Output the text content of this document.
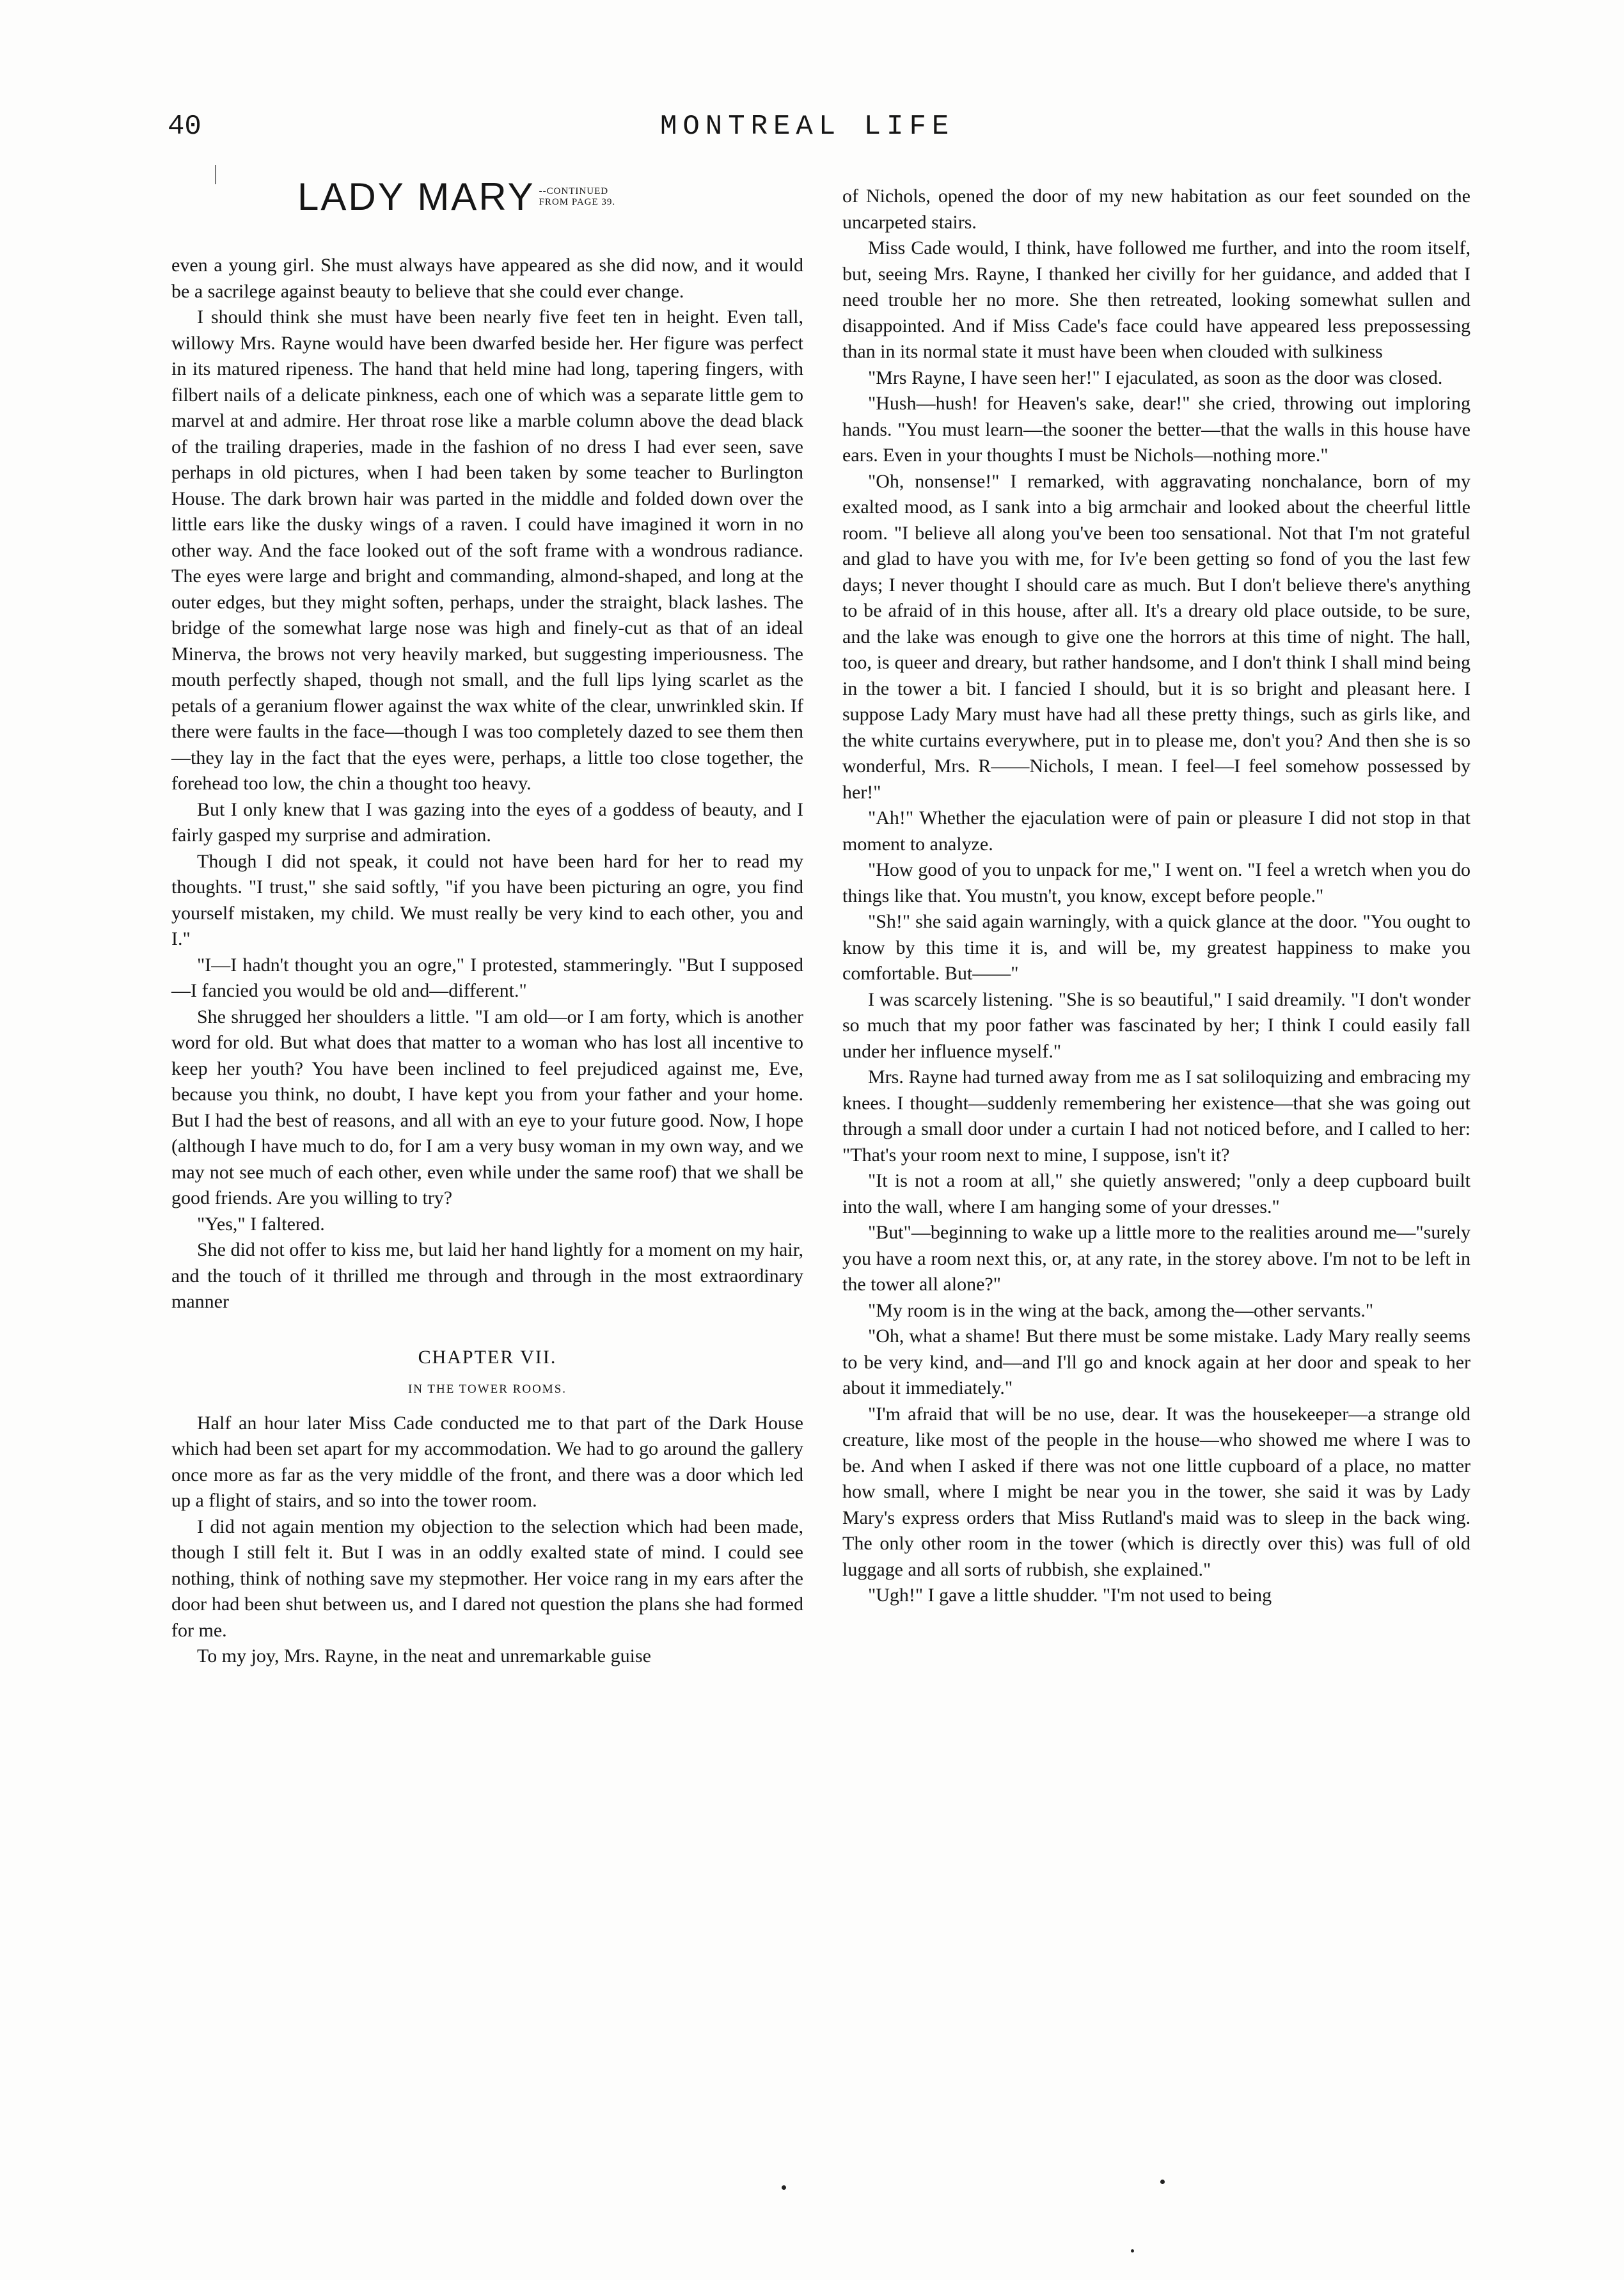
40	MONTREAL LIFE
LADY MARY --CONTINUED
FROM PAGE 39.

even a young girl. She must always have appeared as she did now, and it would be a sacrilege against beauty to believe that she could ever change.

I should think she must have been nearly five feet ten in height. Even tall, willowy Mrs. Rayne would have been dwarfed beside her. Her figure was perfect in its matured ripeness. The hand that held mine had long, tapering fingers, with filbert nails of a delicate pinkness, each one of which was a separate little gem to marvel at and admire. Her throat rose like a marble column above the dead black of the trailing draperies, made in the fashion of no dress I had ever seen, save perhaps in old pictures, when I had been taken by some teacher to Burlington House. The dark brown hair was parted in the middle and folded down over the little ears like the dusky wings of a raven. I could have imagined it worn in no other way. And the face looked out of the soft frame with a wondrous radiance. The eyes were large and bright and commanding, almond-shaped, and long at the outer edges, but they might soften, perhaps, under the straight, black lashes. The bridge of the somewhat large nose was high and finely-cut as that of an ideal Minerva, the brows not very heavily marked, but suggesting imperiousness. The mouth perfectly shaped, though not small, and the full lips lying scarlet as the petals of a geranium flower against the wax white of the clear, unwrinkled skin. If there were faults in the face—though I was too completely dazed to see them then—they lay in the fact that the eyes were, perhaps, a little too close together, the forehead too low, the chin a thought too heavy.

But I only knew that I was gazing into the eyes of a goddess of beauty, and I fairly gasped my surprise and admiration.

Though I did not speak, it could not have been hard for her to read my thoughts. "I trust," she said softly, "if you have been picturing an ogre, you find yourself mistaken, my child. We must really be very kind to each other, you and I."

"I—I hadn't thought you an ogre," I protested, stammeringly. "But I supposed—I fancied you would be old and—different."

She shrugged her shoulders a little. "I am old—or I am forty, which is another word for old. But what does that matter to a woman who has lost all incentive to keep her youth? You have been inclined to feel prejudiced against me, Eve, because you think, no doubt, I have kept you from your father and your home. But I had the best of reasons, and all with an eye to your future good. Now, I hope (although I have much to do, for I am a very busy woman in my own way, and we may not see much of each other, even while under the same roof) that we shall be good friends. Are you willing to try?

"Yes," I faltered.

She did not offer to kiss me, but laid her hand lightly for a moment on my hair, and the touch of it thrilled me through and through in the most extraordinary manner

CHAPTER VII.
IN THE TOWER ROOMS.

Half an hour later Miss Cade conducted me to that part of the Dark House which had been set apart for my accommodation. We had to go around the gallery once more as far as the very middle of the front, and there was a door which led up a flight of stairs, and so into the tower room.

I did not again mention my objection to the selection which had been made, though I still felt it. But I was in an oddly exalted state of mind. I could see nothing, think of nothing save my stepmother. Her voice rang in my ears after the door had been shut between us, and I dared not question the plans she had formed for me.

To my joy, Mrs. Rayne, in the neat and unremarkable guise

of Nichols, opened the door of my new habitation as our feet sounded on the uncarpeted stairs.

Miss Cade would, I think, have followed me further, and into the room itself, but, seeing Mrs. Rayne, I thanked her civilly for her guidance, and added that I need trouble her no more. She then retreated, looking somewhat sullen and disappointed. And if Miss Cade's face could have appeared less prepossessing than in its normal state it must have been when clouded with sulkiness

"Mrs Rayne, I have seen her!" I ejaculated, as soon as the door was closed.

"Hush—hush! for Heaven's sake, dear!" she cried, throwing out imploring hands. "You must learn—the sooner the better—that the walls in this house have ears. Even in your thoughts I must be Nichols—nothing more."

"Oh, nonsense!" I remarked, with aggravating nonchalance, born of my exalted mood, as I sank into a big armchair and looked about the cheerful little room. "I believe all along you've been too sensational. Not that I'm not grateful and glad to have you with me, for Iv'e been getting so fond of you the last few days; I never thought I should care as much. But I don't believe there's anything to be afraid of in this house, after all. It's a dreary old place outside, to be sure, and the lake was enough to give one the horrors at this time of night. The hall, too, is queer and dreary, but rather handsome, and I don't think I shall mind being in the tower a bit. I fancied I should, but it is so bright and pleasant here. I suppose Lady Mary must have had all these pretty things, such as girls like, and the white curtains everywhere, put in to please me, don't you? And then she is so wonderful, Mrs. R——Nichols, I mean. I feel—I feel somehow possessed by her!"

"Ah!" Whether the ejaculation were of pain or pleasure I did not stop in that moment to analyze.

"How good of you to unpack for me," I went on. "I feel a wretch when you do things like that. You mustn't, you know, except before people."

"Sh!" she said again warningly, with a quick glance at the door. "You ought to know by this time it is, and will be, my greatest happiness to make you comfortable. But——"

I was scarcely listening. "She is so beautiful," I said dreamily. "I don't wonder so much that my poor father was fascinated by her; I think I could easily fall under her influence myself."

Mrs. Rayne had turned away from me as I sat soliloquizing and embracing my knees. I thought—suddenly remembering her existence—that she was going out through a small door under a curtain I had not noticed before, and I called to her: "That's your room next to mine, I suppose, isn't it?

"It is not a room at all," she quietly answered; "only a deep cupboard built into the wall, where I am hanging some of your dresses."

"But"—beginning to wake up a little more to the realities around me—"surely you have a room next this, or, at any rate, in the storey above. I'm not to be left in the tower all alone?"

"My room is in the wing at the back, among the—other servants."

"Oh, what a shame! But there must be some mistake. Lady Mary really seems to be very kind, and—and I'll go and knock again at her door and speak to her about it immediately."

"I'm afraid that will be no use, dear. It was the housekeeper—a strange old creature, like most of the people in the house—who showed me where I was to be. And when I asked if there was not one little cupboard of a place, no matter how small, where I might be near you in the tower, she said it was by Lady Mary's express orders that Miss Rutland's maid was to sleep in the back wing. The only other room in the tower (which is directly over this) was full of old luggage and all sorts of rubbish, she explained."

"Ugh!" I gave a little shudder. "I'm not used to being
